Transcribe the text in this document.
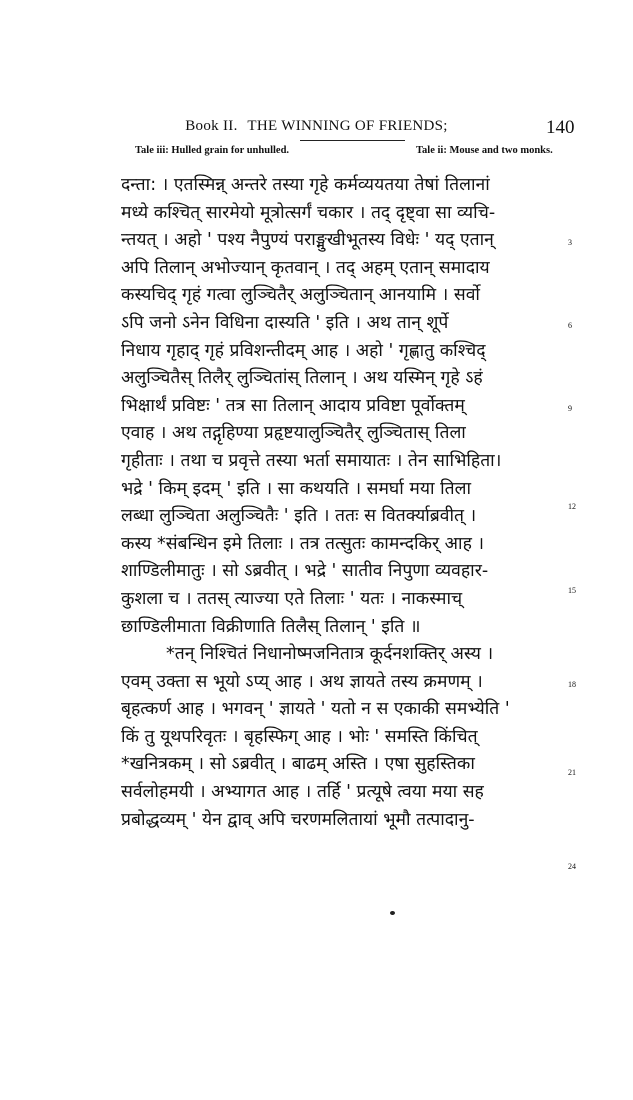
Book II. THE WINNING OF FRIENDS;	140
Tale iii: Hulled grain for unhulled.	Tale ii: Mouse and two monks.
दन्ता: । एतस्मिन्न् अन्तरे तस्या गृहे कर्मव्ययतया तेषां तिलानां
मध्ये कश्चित् सारमेयो मूत्रोत्सर्गं चकार । तद् दृष्ट्वा सा व्यचि-
न्तयत् । अहो ' पश्य नैपुण्यं पराङ्मुखीभूतस्य विधेः ' यद् एतान्
अपि तिलान् अभोज्यान् कृतवान् । तद् अहम् एतान् समादाय
कस्यचिद् गृहं गत्वा लुञ्चितैर् अलुञ्चितान् आनयामि । सर्वो
ऽपि जनो ऽनेन विधिना दास्यति ' इति । अथ तान् शूर्पे
निधाय गृहाद् गृहं प्रविशन्तीदम् आह । अहो ' गृह्णातु कश्चिद्
अलुञ्चितैस् तिलैर् लुञ्चितांस् तिलान् । अथ यस्मिन् गृहे ऽहं
भिक्षार्थं प्रविष्टः ' तत्र सा तिलान् आदाय प्रविष्टा पूर्वोक्तम्
एवाह । अथ तद्गृहिण्या प्रहृष्टयालुञ्चितैर् लुञ्चितास् तिला
गृहीताः । तथा च प्रवृत्ते तस्या भर्ता समायातः । तेन साभिहिता।
भद्रे ' किम् इदम् ' इति । सा कथयति । समर्घा मया तिला
लब्धा लुञ्चिता अलुञ्चितैः ' इति । ततः स वितर्क्याब्रवीत् ।
कस्य *संबन्धिन इमे तिलाः । तत्र तत्सुतः कामन्दकिर् आह ।
शाण्डिलीमातुः । सो ऽब्रवीत् । भद्रे ' सातीव निपुणा व्यवहार-
कुशला च । ततस् त्याज्या एते तिलाः ' यतः । नाकस्माच्
छाण्डिलीमाता विक्रीणाति तिलैस् तिलान् ' इति ॥
*तन् निश्चितं निधानोष्मजनितात्र कूर्दनशक्तिर् अस्य ।
एवम् उक्ता स भूयो ऽप्य् आह । अथ ज्ञायते तस्य क्रमणम् ।
बृहत्कर्ण आह । भगवन् ' ज्ञायते ' यतो न स एकाकी समभ्येति '
किं तु यूथपरिवृतः । बृहस्फिग् आह । भोः ' समस्ति किंचित्
*खनित्रकम् । सो ऽब्रवीत् । बाढम् अस्ति । एषा सुहस्तिका
सर्वलोहमयी । अभ्यागत आह । तर्हि ' प्रत्यूषे त्वया मया सह
प्रबोद्धव्यम् ' येन द्वाव् अपि चरणमलितायां भूमौ तत्पादानु-
3
6
9
12
15
18
21
24
